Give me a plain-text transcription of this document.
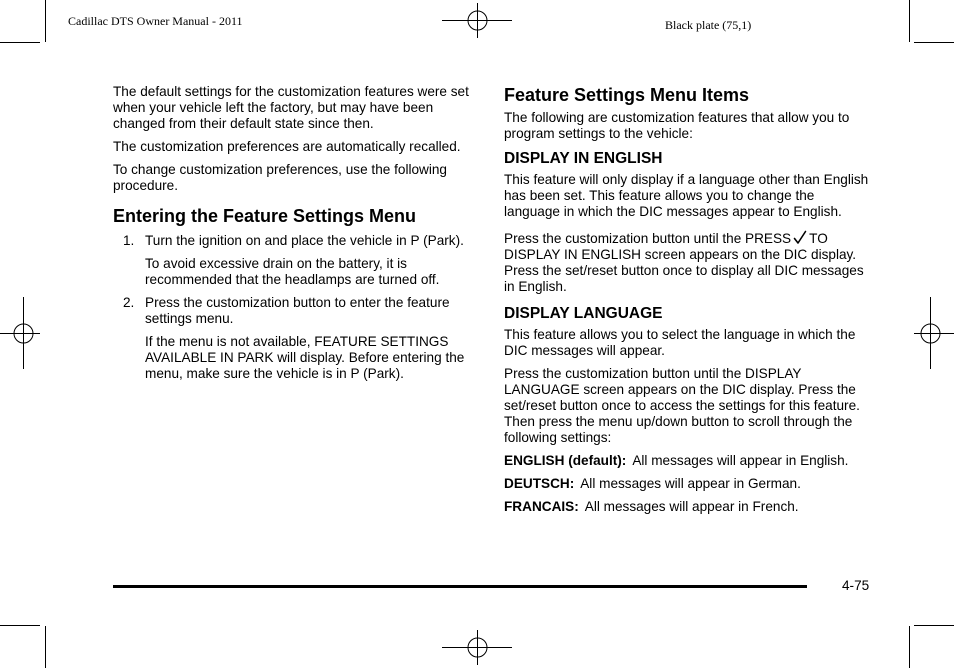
Cadillac DTS Owner Manual - 2011	Black plate (75,1)

The default settings for the customization features were set when your vehicle left the factory, but may have been changed from their default state since then.

The customization preferences are automatically recalled.

To change customization preferences, use the following procedure.

Entering the Feature Settings Menu
1. Turn the ignition on and place the vehicle in P (Park).

To avoid excessive drain on the battery, it is recommended that the headlamps are turned off.

2. Press the customization button to enter the feature settings menu.

If the menu is not available, FEATURE SETTINGS AVAILABLE IN PARK will display. Before entering the menu, make sure the vehicle is in P (Park).

Feature Settings Menu Items

The following are customization features that allow you to program settings to the vehicle:

DISPLAY IN ENGLISH

This feature will only display if a language other than English has been set. This feature allows you to change the language in which the DIC messages appear to English.

Press the customization button until the PRESS TO DISPLAY IN ENGLISH screen appears on the DIC display. Press the set/reset button once to display all DIC messages in English.

DISPLAY LANGUAGE

This feature allows you to select the language in which the DIC messages will appear.

Press the customization button until the DISPLAY LANGUAGE screen appears on the DIC display. Press the set/reset button once to access the settings for this feature. Then press the menu up/down button to scroll through the following settings:

ENGLISH (default): All messages will appear in English.

DEUTSCH: All messages will appear in German.

FRANCAIS: All messages will appear in French.

4-75
